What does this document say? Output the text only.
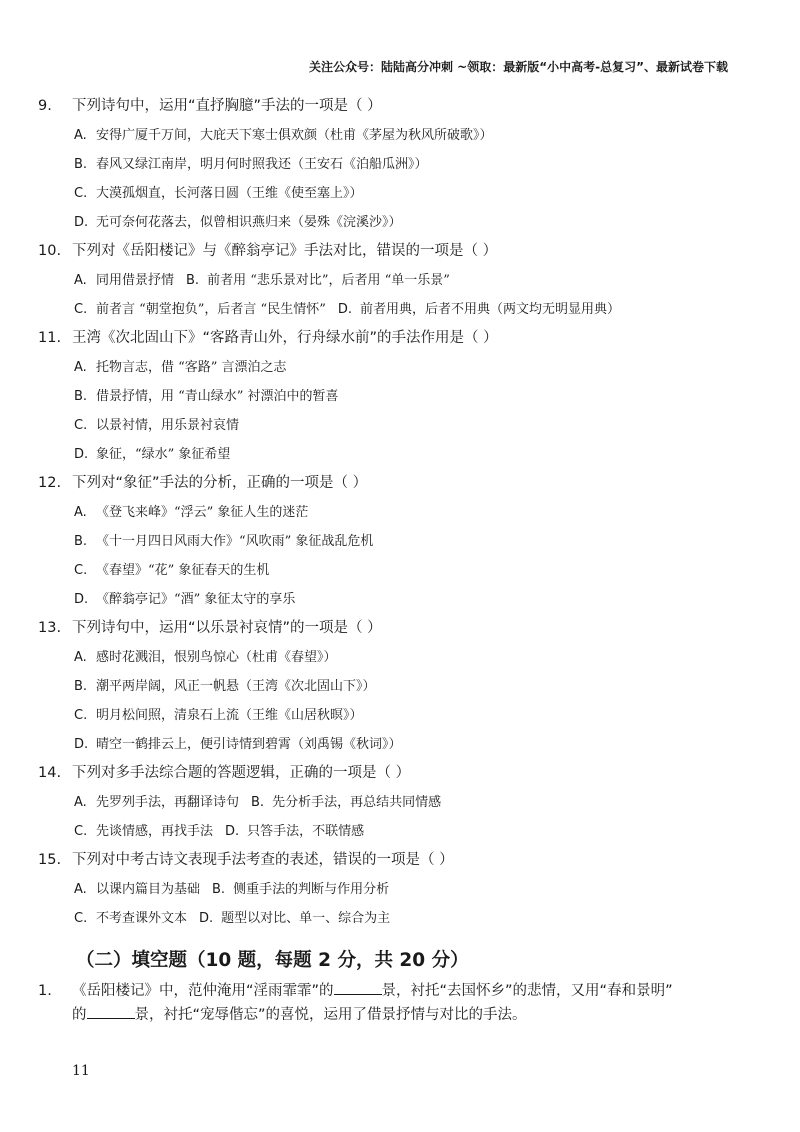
关注公众号：陆陆高分冲刺 ~领取：最新版“小中高考-总复习”、最新试卷下载
9. 下列诗句中，运用“直抒胸臆”手法的一项是（ ）
A. 安得广厦千万间，大庇天下寒士俱欢颜（杜甫《茅屋为秋风所破歌》）
B. 春风又绿江南岸，明月何时照我还（王安石《泊船瓜洲》）
C. 大漠孤烟直，长河落日圆（王维《使至塞上》）
D. 无可奈何花落去，似曾相识燕归来（晏殊《浣溪沙》）
10. 下列对《岳阳楼记》与《醉翁亭记》手法对比，错误的一项是（ ）
A. 同用借景抒情 B. 前者用 “悲乐景对比”，后者用 “单一乐景”
C. 前者言 “朝堂抱负”，后者言 “民生情怀” D. 前者用典，后者不用典（两文均无明显用典）
11. 王湾《次北固山下》“客路青山外，行舟绿水前”的手法作用是（ ）
A. 托物言志，借 “客路” 言漂泊之志
B. 借景抒情，用 “青山绿水” 衬漂泊中的暂喜
C. 以景衬情，用乐景衬哀情
D. 象征，“绿水” 象征希望
12. 下列对“象征”手法的分析，正确的一项是（ ）
A. 《登飞来峰》“浮云” 象征人生的迷茫
B. 《十一月四日风雨大作》“风吹雨” 象征战乱危机
C. 《春望》“花” 象征春天的生机
D. 《醉翁亭记》“酒” 象征太守的享乐
13. 下列诗句中，运用“以乐景衬哀情”的一项是（ ）
A. 感时花溅泪，恨别鸟惊心（杜甫《春望》）
B. 潮平两岸阔，风正一帆悬（王湾《次北固山下》）
C. 明月松间照，清泉石上流（王维《山居秋暝》）
D. 晴空一鹤排云上，便引诗情到碧霄（刘禹锡《秋词》）
14. 下列对多手法综合题的答题逻辑，正确的一项是（ ）
A. 先罗列手法，再翻译诗句 B. 先分析手法，再总结共同情感
C. 先谈情感，再找手法 D. 只答手法，不联情感
15. 下列对中考古诗文表现手法考查的表述，错误的一项是（ ）
A. 以课内篇目为基础 B. 侧重手法的判断与作用分析
C. 不考查课外文本 D. 题型以对比、单一、综合为主
（二）填空题（10 题，每题 2 分，共 20 分）
1. 《岳阳楼记》中，范仲淹用“淫雨霏霏”的	景，衬托“去国怀乡”的悲情，又用“春和景明”
的	景，衬托“宠辱偕忘”的喜悦，运用了借景抒情与对比的手法。
11
